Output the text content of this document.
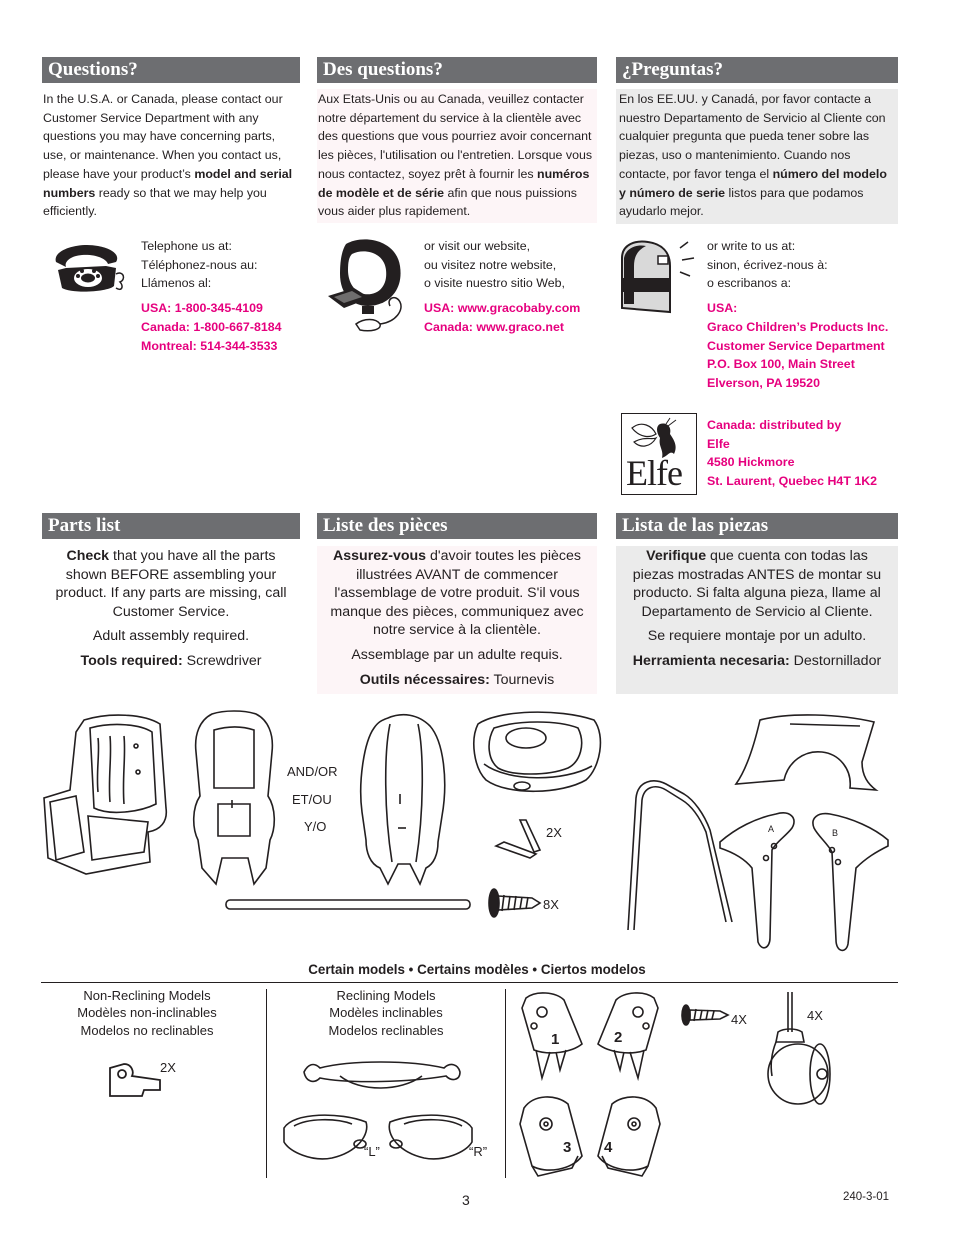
Questions?	Des questions?	¿Preguntas?
In the U.S.A. or Canada, please contact our Customer Service Department with any questions you may have concerning parts, use, or maintenance. When you contact us, please have your product’s model and serial numbers ready so that we may help you efficiently.
Aux Etats-Unis ou au Canada, veuillez contacter notre département du service à la clientèle avec des questions que vous pourriez avoir concernant les pièces, l'utilisation ou l'entretien. Lorsque vous nous contactez, soyez prêt à fournir les numéros de modèle et de série afin que nous puissions vous aider plus rapidement.
En los EE.UU. y Canadá, por favor contacte a nuestro Departamento de Servicio al Cliente con cualquier pregunta que pueda tener sobre las piezas, uso o mantenimiento. Cuando nos contacte, por favor tenga el número del modelo y número de serie listos para que podamos ayudarlo mejor.
Telephone us at:
Téléphonez-nous au:
Llámenos al:
USA: 1-800-345-4109
Canada: 1-800-667-8184
Montreal: 514-344-3533
or visit our website,
ou visitez notre website,
o visite nuestro sitio Web,
USA: www.gracobaby.com
Canada: www.graco.net
or write to us at:
sinon, écrivez-nous à:
o escribanos a:
USA:
Graco Children’s Products Inc.
Customer Service Department
P.O. Box 100, Main Street
Elverson, PA 19520
Elfe
Canada: distributed by
Elfe
4580 Hickmore
St. Laurent, Quebec H4T 1K2
Parts list	Liste des pièces	Lista de las piezas

Check that you have all the parts shown BEFORE assembling your product. If any parts are missing, call Customer Service.

Adult assembly required.

Tools required: Screwdriver

Assurez-vous d'avoir toutes les pièces illustrées AVANT de commencer l'assemblage de votre produit. S'il vous manque des pièces, communiquez avec notre service à la clientèle.

Assemblage par un adulte requis.

Outils nécessaires: Tournevis

Verifique que cuenta con todas las piezas mostradas ANTES de montar su producto. Si falta alguna pieza, llame al Departamento de Servicio al Cliente.

Se requiere montaje por un adulto.

Herramienta necesaria: Destornillador

AND/OR
ET/OU
Y/O	2X
8X
A	B
Certain models • Certains modèles • Ciertos modelos
Non-Reclining Models
Modèles non-inclinables
Modelos no reclinables
2X
Reclining Models
Modèles inclinables
Modelos reclinables
“L”	“R”
1	2
3 4
4X	4X
3	240-3-01
